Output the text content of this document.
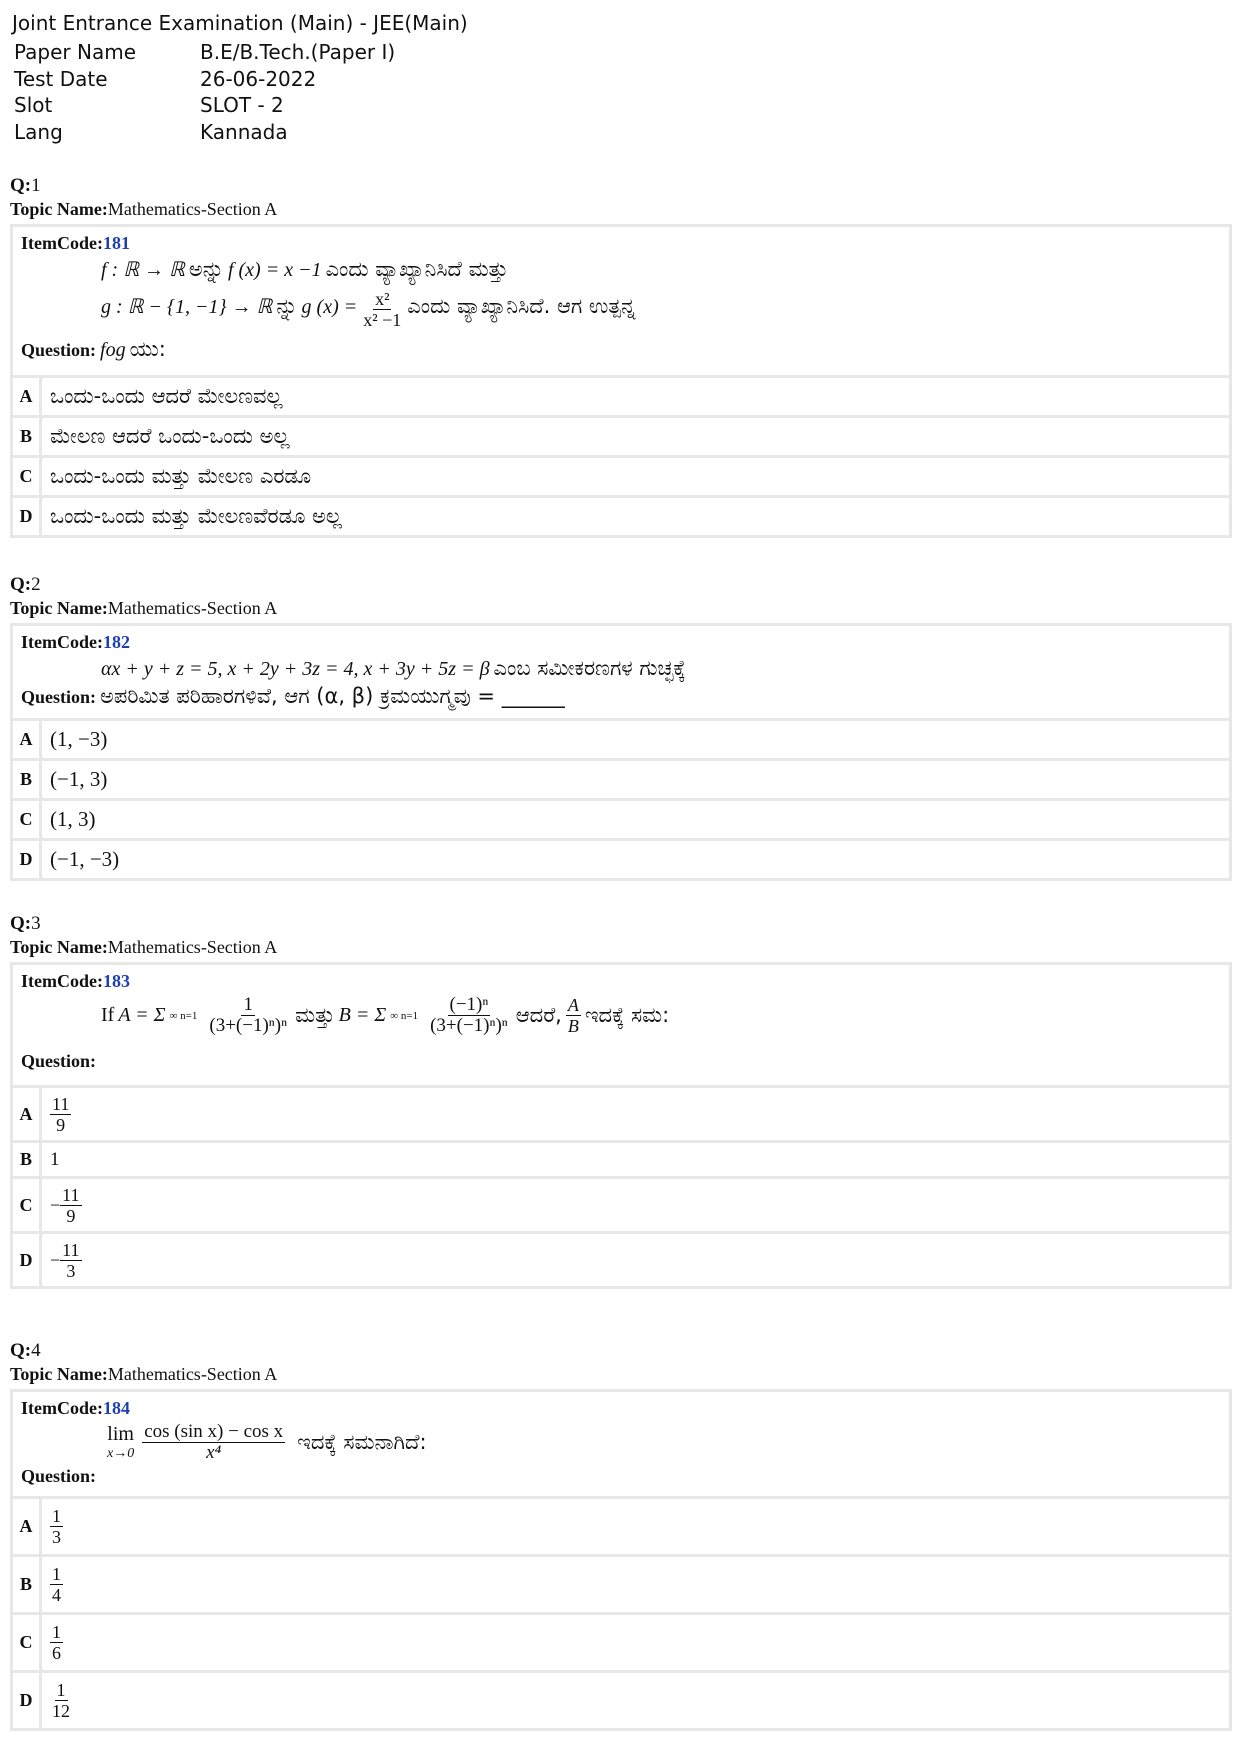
Joint Entrance Examination (Main) - JEE(Main)
Paper Name	B.E/B.Tech.(Paper I)
Test Date	26-06-2022
Slot	SLOT - 2
Lang	Kannada
Q:1
Topic Name:Mathematics-Section A
ItemCode:181
f : ℝ → ℝ ಅನ್ನು f (x) = x −1 ಎಂದು ವ್ಯಾಖ್ಯಾನಿಸಿದೆ ಮತ್ತು
g : ℝ − {1, −1} → ℝ ನ್ನು g $(x) = \frac{\text{x²}}{\text{x² −1}}$ ಎಂದು ವ್ಯಾಖ್ಯಾನಿಸಿದೆ. ಆಗ ಉತ್ಪನ್ನ
Question: fog ಯು:
A ಒಂದು-ಒಂದು ಆದರೆ ಮೇಲಣವಲ್ಲ
B ಮೇಲಣ ಆದರೆ ಒಂದು-ಒಂದು ಅಲ್ಲ
C ಒಂದು-ಒಂದು ಮತ್ತು ಮೇಲಣ ಎರಡೂ
D ಒಂದು-ಒಂದು ಮತ್ತು ಮೇಲಣವೆರಡೂ ಅಲ್ಲ
Q:2
Topic Name:Mathematics-Section A
ItemCode:182
αx + y + z = 5, x + 2y + 3z = 4, x + 3y + 5z = β ಎಂಬ ಸಮೀಕರಣಗಳ ಗುಚ್ಛಕ್ಕೆ
Question: ಅಪರಿಮಿತ ಪರಿಹಾರಗಳಿವೆ, ಆಗ (α, β) ಕ್ರಮಯುಗ್ಮವು = ______
A (1, −3)
B (−1, 3)
C (1, 3)
D (−1, −3)
Q:3
Topic Name:Mathematics-Section A
ItemCode:183
If
A = Σ ∞ $n=1 \frac{1}{\text{(3+(−1)ⁿ)ⁿ}}$ ಮತ್ತು
B = Σ ∞ $n=1 \frac{\text{(−1)ⁿ}}{\text{(3+(−1)ⁿ)ⁿ}}$ ಆದರೆ,
$\frac{A}{B}$
ಇದಕ್ಕೆ ಸಮ:
Question:
A $\frac{11}{9}$
B 1
$C - \frac{11}{9}$
$D - \frac{11}{3}$
Q:4
Topic Name:Mathematics-Section A
ItemCode:184
lim
$x\to 0 \frac{\text{cos (sin x) − cos x}}{\text{x⁴}}$
ಇದಕ್ಕೆ ಸಮನಾಗಿದೆ:
Question:
A $\frac{1}{3}$
B	$\frac{1}{4}$
C $\frac{1}{6}$
D $\frac{1}{12}$
